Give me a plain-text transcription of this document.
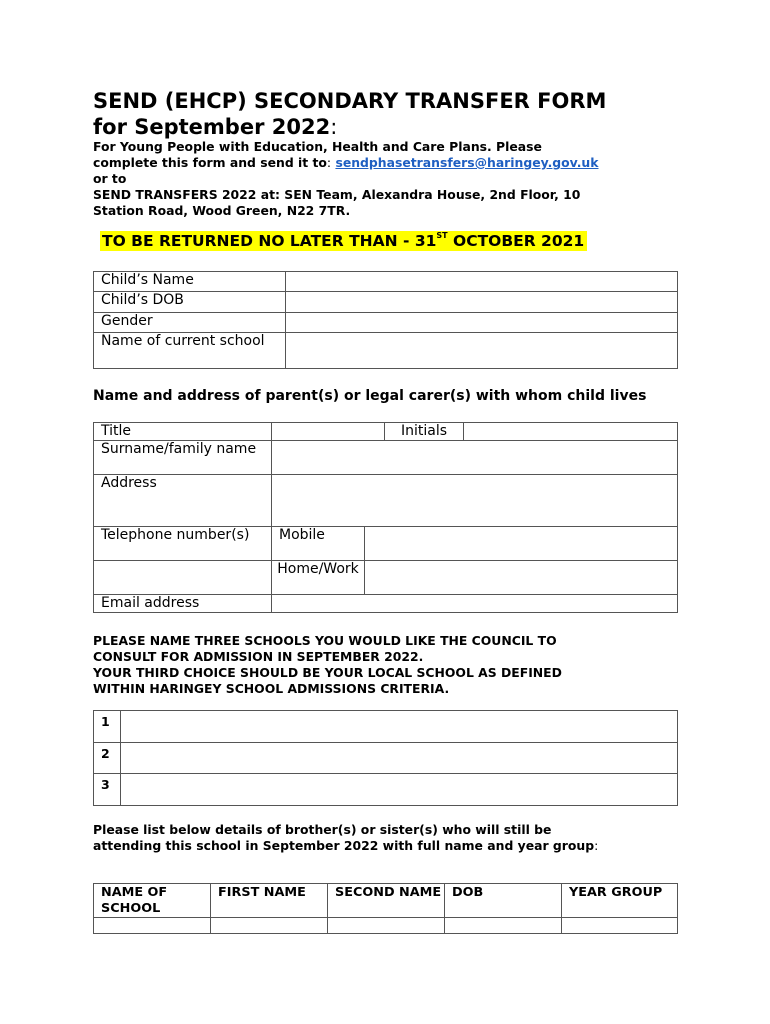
SEND (EHCP) SECONDARY TRANSFER FORM
for September 2022:
For Young People with Education, Health and Care Plans. Please
complete this form and send it to: sendphasetransfers@haringey.gov.uk
or to
SEND TRANSFERS 2022 at: SEN Team, Alexandra House, 2nd Floor, 10
Station Road, Wood Green, N22 7TR.
TO BE RETURNED NO LATER THAN - 31ST OCTOBER 2021
Child’s Name	
Child’s DOB	
Gender	
Name of current school	
Name and address of parent(s) or legal carer(s) with whom child lives
Title			Initials	
Surname/family name				
Address				
Telephone number(s)	Mobile			
	Home/Work			
Email address				
PLEASE NAME THREE SCHOOLS YOU WOULD LIKE THE COUNCIL TO
CONSULT FOR ADMISSION IN SEPTEMBER 2022.
YOUR THIRD CHOICE SHOULD BE YOUR LOCAL SCHOOL AS DEFINED
WITHIN HARINGEY SCHOOL ADMISSIONS CRITERIA.
1	
2	
3	
Please list below details of brother(s) or sister(s) who will still be
attending this school in September 2022 with full name and year group:
NAME OF SCHOOL	FIRST NAME	SECOND NAME	DOB	YEAR GROUP
